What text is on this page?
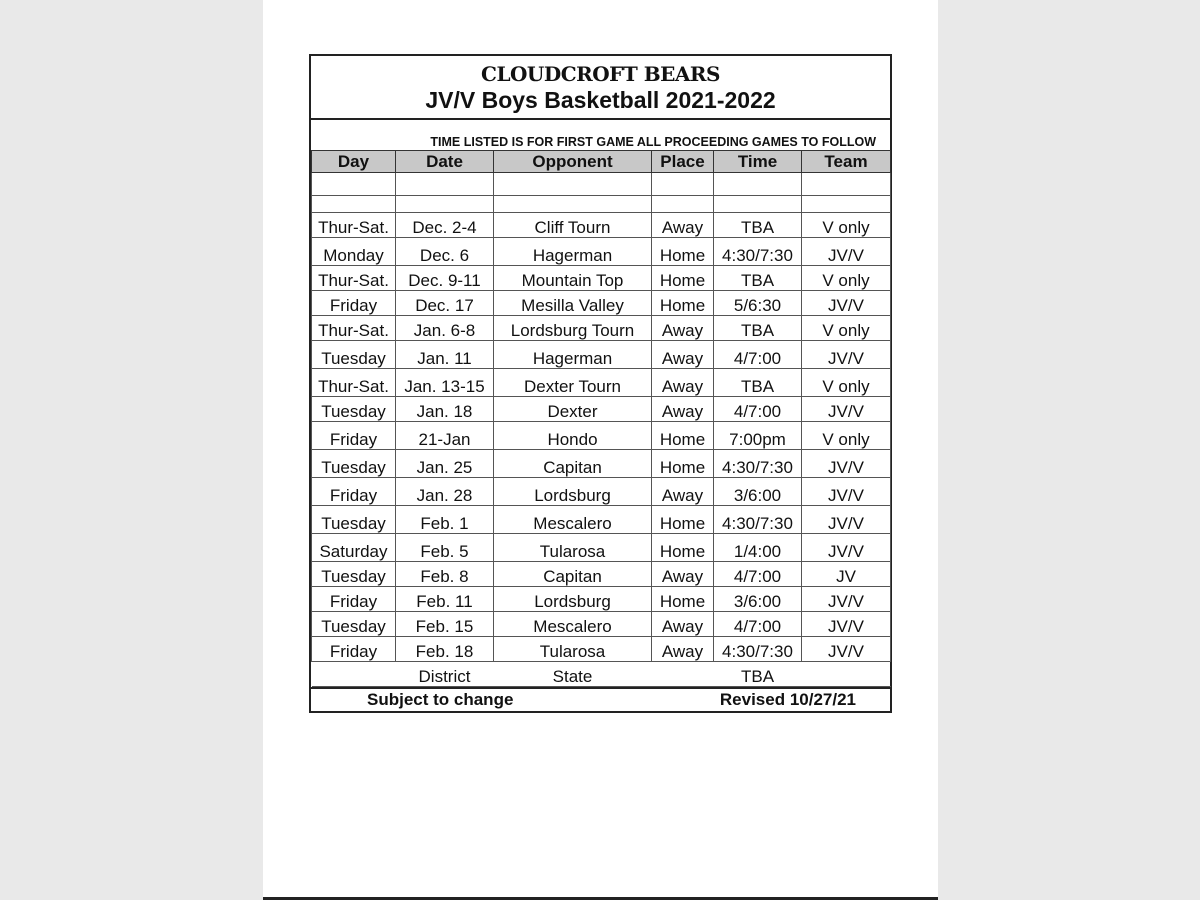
CLOUDCROFT BEARS
JV/V Boys Basketball 2021-2022
TIME LISTED IS FOR FIRST GAME ALL PROCEEDING GAMES TO FOLLOW
Day	Date	Opponent	Place	Time	Team

Thur-Sat.	Dec. 2-4	Cliff Tourn	Away	TBA	V only
Monday	Dec. 6	Hagerman	Home	4:30/7:30	JV/V
Thur-Sat.	Dec. 9-11	Mountain Top	Home	TBA	V only
Friday	Dec. 17	Mesilla Valley	Home	5/6:30	JV/V
Thur-Sat.	Jan. 6-8	Lordsburg Tourn	Away	TBA	V only
Tuesday	Jan. 11	Hagerman	Away	4/7:00	JV/V
Thur-Sat.	Jan. 13-15	Dexter Tourn	Away	TBA	V only
Tuesday	Jan. 18	Dexter	Away	4/7:00	JV/V
Friday	21-Jan	Hondo	Home	7:00pm	V only
Tuesday	Jan. 25	Capitan	Home	4:30/7:30	JV/V
Friday	Jan. 28	Lordsburg	Away	3/6:00	JV/V
Tuesday	Feb. 1	Mescalero	Home	4:30/7:30	JV/V
Saturday	Feb. 5	Tularosa	Home	1/4:00	JV/V
Tuesday	Feb. 8	Capitan	Away	4/7:00	JV
Friday	Feb. 11	Lordsburg	Home	3/6:00	JV/V
Tuesday	Feb. 15	Mescalero	Away	4/7:00	JV/V
Friday	Feb. 18	Tularosa	Away	4:30/7:30	JV/V
	District	State		TBA	
Subject to change	Revised 10/27/21
